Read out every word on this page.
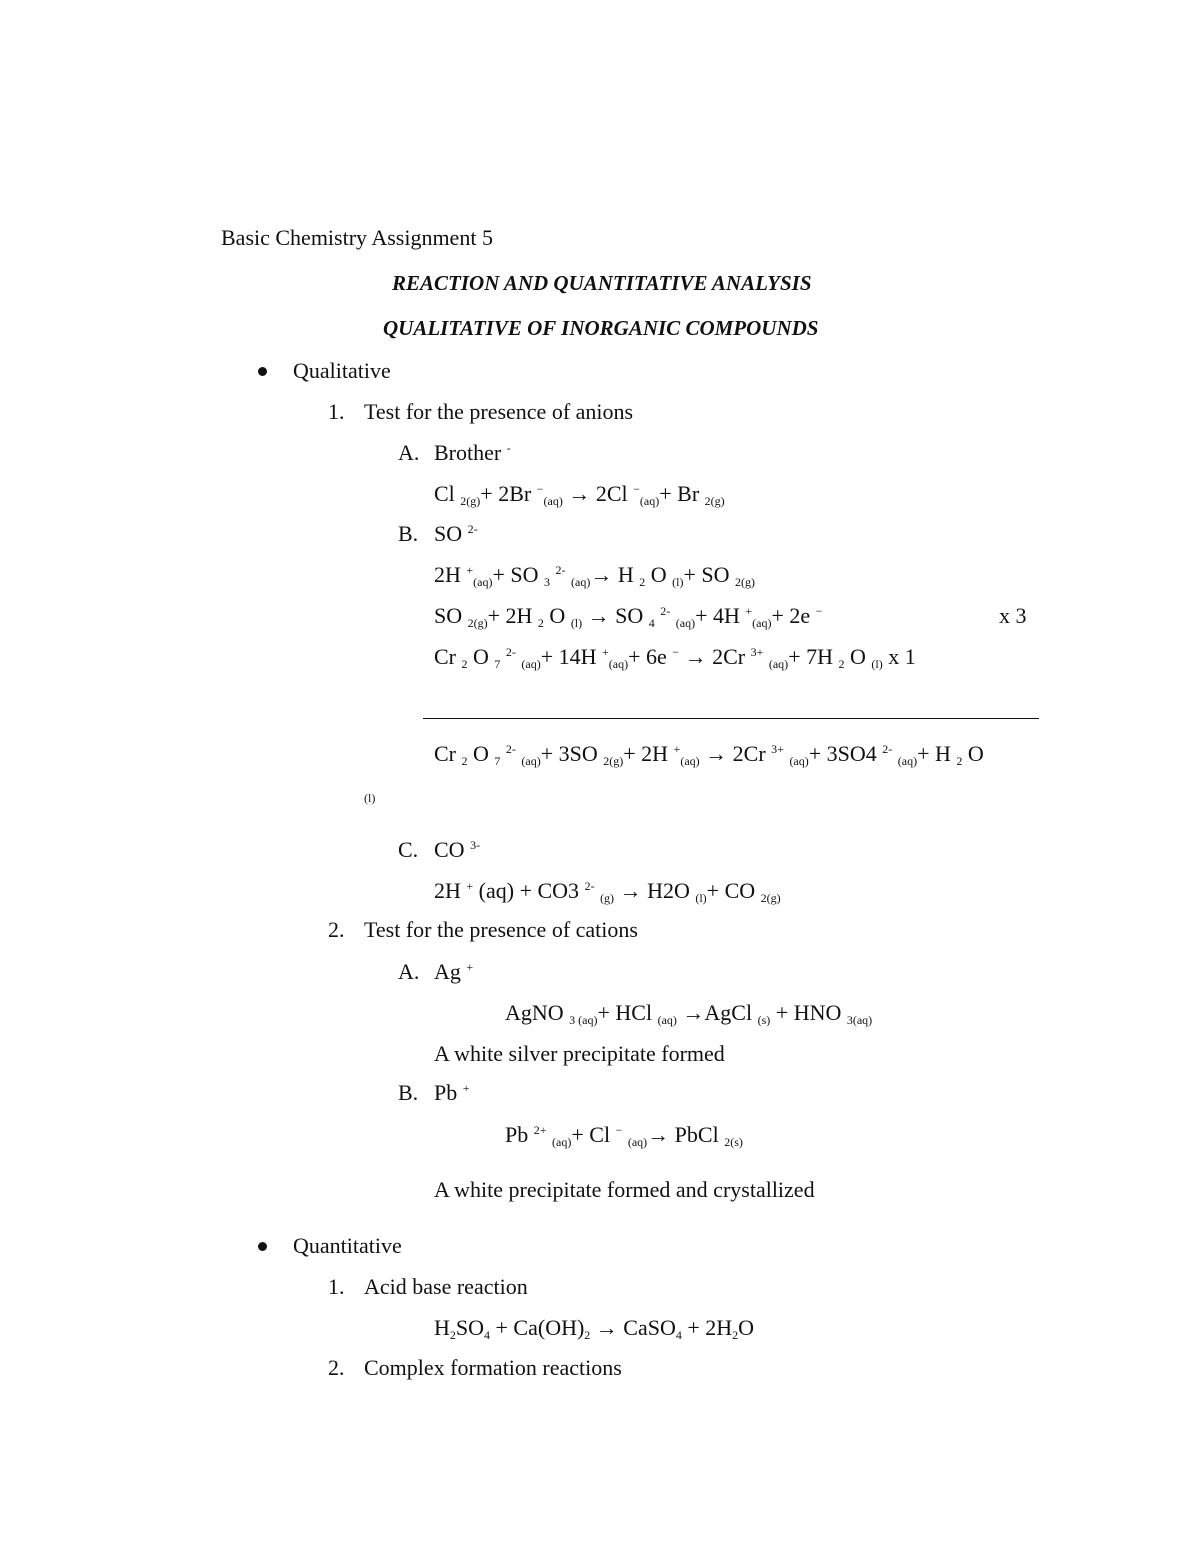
Basic Chemistry Assignment 5
REACTION AND QUANTITATIVE ANALYSIS
QUALITATIVE OF INORGANIC COMPOUNDS
Qualitative
1. Test for the presence of anions
A. Brother -
Cl $_{2(g)}$+ 2Br −$_{(aq)}$ → 2Cl −$_{(aq)}$+ Br $_{2(g)}$
B. SO $^{2-}$
2H +$_{(aq)}$+ SO $_3$ $^{2-}$ $_{(aq)}$→ H $_2$ O $_{(l)}$+ SO $_{2(g)}$
SO $_{2(g)}$+ 2H $_2$ O $_{(l)}$ → SO $_4$ $^{2-}$ $_{(aq)}$+ 4H +$_{(aq)}$+ 2e −	x 3
Cr $_2$ O $_7$ $^{2-}$ $_{(aq)}$+ 14H +$_{(aq)}$+ 6e − → 2Cr $^{3+}$ $_{(aq)}$+ 7H $_2$ O $_{(l)}$ x 1
Cr $_2$ O $_7$ $^{2-}$ $_{(aq)}$+ 3SO $_{2(g)}$+ 2H +$_{(aq)}$ → 2Cr $^{3+}$ $_{(aq)}$+ 3SO4 $^{2-}$ $_{(aq)}$+ H $_2$ O
(l)
C. CO $^{3-}$
2H + (aq) + CO3 $^{2-}$ $_{(g)}$ → H2O $_{(l)}$+ CO $_{2(g)}$
2. Test for the presence of cations
A. Ag +
AgNO $_{3 (aq)}$+ HCl $_{(aq)}$ →AgCl $_{(s)}$ + HNO $_{3(aq)}$
A white silver precipitate formed
B. Pb +
Pb $^{2+}$ $_{(aq)}$+ Cl − $_{(aq)}$→ PbCl $_{2(s)}$
A white precipitate formed and crystallized
Quantitative
1. Acid base reaction
$H_2SO_4 + Ca(OH)_2$ → CaSO$_4$ + $2H_2O$
2. Complex formation reactions
